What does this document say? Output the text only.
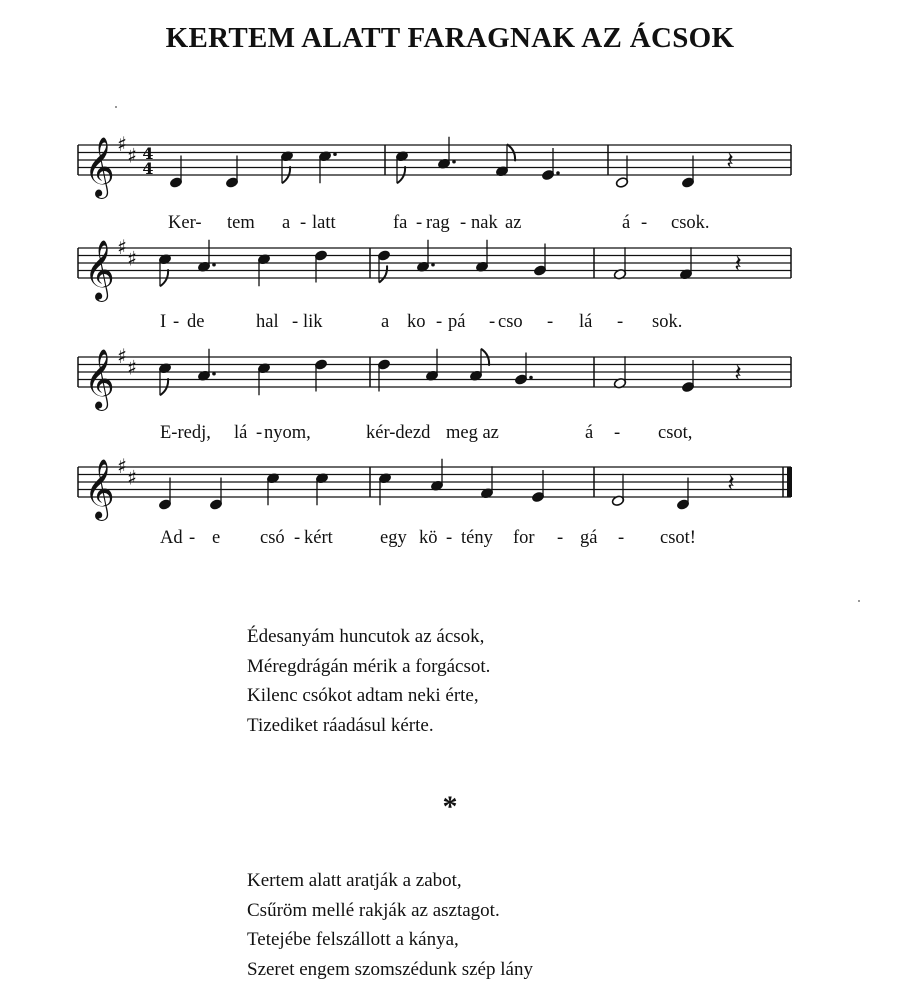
KERTEM ALATT FARAGNAK AZ ÁCSOK
𝄞 ♯ ♯ 4
4	𝄽
𝄞 ♯ ♯	𝄽
𝄞 ♯ ♯	𝄽
𝄞 ♯ ♯	𝄽
Ker- tem a - latt	fa - rag - nak az	á - csok.
I - de	hal - lik	a ko - pá - cso - lá - sok.
E-redj, lá - nyom,	kér-dezd meg az	á - csot,
Ad - e csó - kért	egy kö - tény for - gá - csot!
Édesanyám huncutok az ácsok,
Méregdrágán mérik a forgácsot.
Kilenc csókot adtam neki érte,
Tizediket ráadásul kérte.
*
Kertem alatt aratják a zabot,
Csűröm mellé rakják az asztagot.
Tetejébe felszállott a kánya,
Szeret engem szomszédunk szép lány
